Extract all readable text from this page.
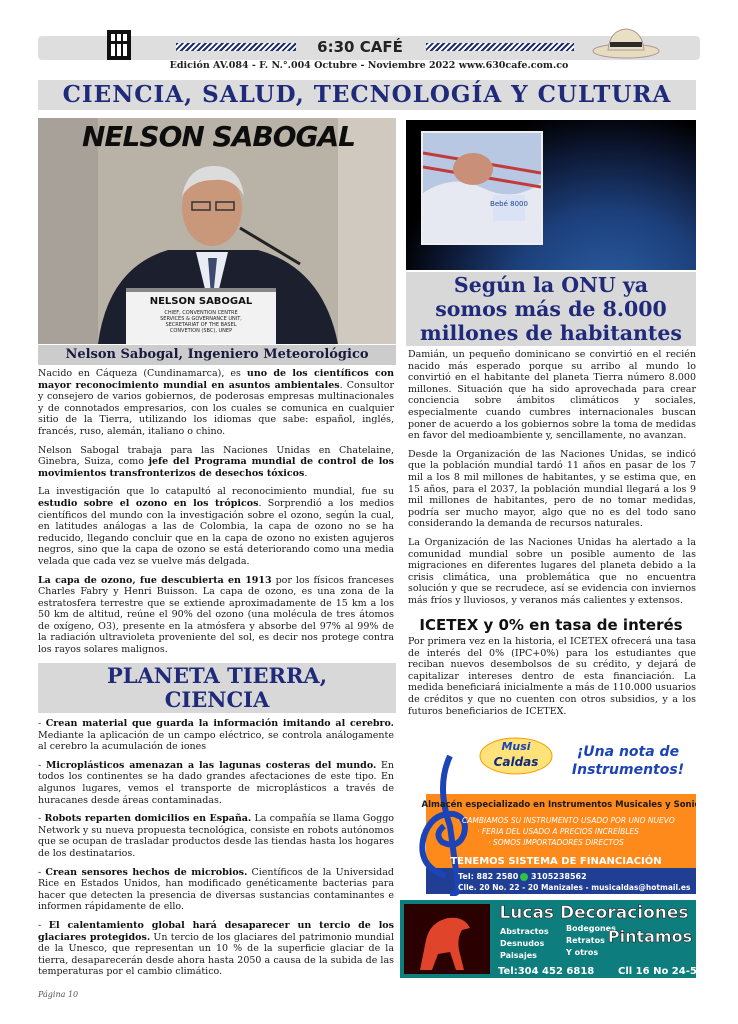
6:30 CAFÉ
Edición AV.084 - F. N.°.004 Octubre - Noviembre 2022 www.630cafe.com.co
CIENCIA, SALUD, TECNOLOGÍA Y CULTURA
NELSON SABOGAL
CHIEF, CONVENTION CENTRE
SERVICES & GOVERNANCE UNIT,
SECRETARIAT OF THE BASEL
CONVETION (SBC), UNEP
NELSON SABOGAL
Nelson Sabogal, Ingeniero Meteorológico

Nacido en Cáqueza (Cundinamarca), es uno de los científicos con mayor reconocimiento mundial en asuntos ambientales. Consultor y consejero de varios gobiernos, de poderosas empresas multinacionales y de connotados empresarios, con los cuales se comunica en cualquier sitio de la Tierra, utilizando los idiomas que sabe: español, inglés, francés, ruso, alemán, italiano o chino.

Nelson Sabogal trabaja para las Naciones Unidas en Chatelaine, Ginebra, Suiza, como jefe del Programa mundial de control de los movimientos transfronterizos de desechos tóxicos.

La investigación que lo catapultó al reconocimiento mundial, fue su estudio sobre el ozono en los trópicos. Sorprendió a los medios científicos del mundo con la investigación sobre el ozono, según la cual, en latitudes análogas a las de Colombia, la capa de ozono no se ha reducido, llegando concluir que en la capa de ozono no existen agujeros negros, sino que la capa de ozono se está deteriorando como una media velada que cada vez se vuelve más delgada.

La capa de ozono, fue descubierta en 1913 por los físicos franceses Charles Fabry y Henri Buisson. La capa de ozono, es una zona de la estratosfera terrestre que se extiende aproximadamente de 15 km a los 50 km de altitud, reúne el 90% del ozono (una molécula de tres átomos de oxígeno, O3), presente en la atmósfera y absorbe del 97% al 99% de la radiación ultravioleta proveniente del sol, es decir nos protege contra los rayos solares malignos.

PLANETA TIERRA,
CIENCIA

- Crean material que guarda la información imitando al cerebro. Mediante la aplicación de un campo eléctrico, se controla análogamente al cerebro la acumulación de iones

- Microplásticos amenazan a las lagunas costeras del mundo. En todos los continentes se ha dado grandes afectaciones de este tipo. En algunos lugares, vemos el transporte de microplásticos a través de huracanes desde áreas contaminadas.

- Robots reparten domicilios en España. La compañía se llama Goggo Network y su nueva propuesta tecnológica, consiste en robots autónomos que se ocupan de trasladar productos desde las tiendas hasta los hogares de los destinatarios.

- Crean sensores hechos de microbios. Científicos de la Universidad Rice en Estados Unidos, han modificado genéticamente bacterias para hacer que detecten la presencia de diversas sustancias contaminantes e informen rápidamente de ello.

- El calentamiento global hará desaparecer un tercio de los glaciares protegidos. Un tercio de los glaciares del patrimonio mundial de la Unesco, que representan un 10 % de la superficie glaciar de la tierra, desaparecerán desde ahora hasta 2050 a causa de la subida de las temperaturas por el cambio climático.

Bebé 8000
Según la ONU ya
somos más de 8.000
millones de habitantes

Damián, un pequeño dominicano se convirtió en el recién nacido más esperado porque su arribo al mundo lo convirtió en el habitante del planeta Tierra número 8.000 millones. Situación que ha sido aprovechada para crear conciencia sobre ámbitos climáticos y sociales, especialmente cuando cumbres internacionales buscan poner de acuerdo a los gobiernos sobre la toma de medidas en favor del medioambiente y, sencillamente, no avanzan.

Desde la Organización de las Naciones Unidas, se indicó que la población mundial tardó 11 años en pasar de los 7 mil a los 8 mil millones de habitantes, y se estima que, en 15 años, para el 2037, la población mundial llegará a los 9 mil millones de habitantes, pero de no tomar medidas, podría ser mucho mayor, algo que no es del todo sano considerando la demanda de recursos naturales.

La Organización de las Naciones Unidas ha alertado a la comunidad mundial sobre un posible aumento de las migraciones en diferentes lugares del planeta debido a la crisis climática, una problemática que no encuentra solución y que se recrudece, así se evidencia con inviernos más fríos y lluviosos, y veranos más calientes y extensos.

ICETEX y 0% en tasa de interés

Por primera vez en la historia, el ICETEX ofrecerá una tasa de interés del 0% (IPC+0%) para los estudiantes que reciban nuevos desembolsos de su crédito, y dejará de capitalizar intereses dentro de esta financiación. La medida beneficiará inicialmente a más de 110.000 usuarios de créditos y que no cuenten con otros subsidios, y a los futuros beneficiarios de ICETEX.

Musi
Caldas
¡Una nota de
Instrumentos!
Almacén especializado en Instrumentos Musicales y Sonido
· CAMBIAMOS SU INSTRUMENTO USADO POR UNO NUEVO
· FERIA DEL USADO A PRECIOS INCREÍBLES
· SOMOS IMPORTADORES DIRECTOS
TENEMOS SISTEMA DE FINANCIACIÓN
Tel: 882 2580 3105238562
Clle. 20 No. 22 - 20 Manizales - musicaldas@hotmail.es
Lucas Decoraciones
Abstractos
Desnudos
Paisajes
Bodegones
Retratos
Y otros
Pintamos
Tel:304 452 6818 Cll 16 No 24-56
Página 10
